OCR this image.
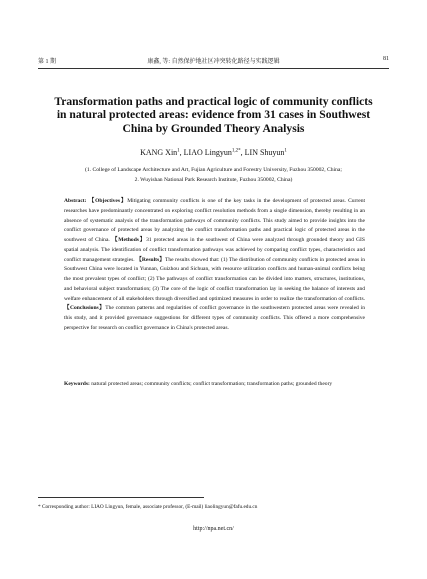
第 1 期	康鑫, 等: 自然保护地社区冲突转化路径与实践逻辑	81
Transformation paths and practical logic of community conflicts in natural protected areas: evidence from 31 cases in Southwest China by Grounded Theory Analysis
KANG Xin$^1$, LIAO Lingyun$^{1,2*}$, LIN Shuyun$^1$
(1. College of Landscape Architecture and Art, Fujian Agriculture and Forestry University, Fuzhou 350002, China;
2. Wuyishan National Park Research Institute, Fuzhou 350002, China)
Abstract: 【Objectives】Mitigating community conflicts is one of the key tasks in the development of protected areas. Current researches have predominantly concentrated on exploring conflict resolution methods from a single dimension, thereby resulting in an absence of systematic analysis of the transformation pathways of community conflicts. This study aimed to provide insights into the conflict governance of protected areas by analyzing the conflict transformation paths and practical logic of protected areas in the southwest of China. 【Methods】31 protected areas in the southwest of China were analyzed through grounded theory and GIS spatial analysis. The identification of conflict transformation pathways was achieved by comparing conflict types, characteristics and conflict management strategies. 【Results】The results showed that: (1) The distribution of community conflicts in protected areas in Southwest China were located in Yunnan, Guizhou and Sichuan, with resource utilization conflicts and human-animal conflicts being the most prevalent types of conflict; (2) The pathways of conflict transformation can be divided into matters, structures, institutions, and behavioral subject transformation; (3) The core of the logic of conflict transformation lay in seeking the balance of interests and welfare enhancement of all stakeholders through diversified and optimized measures in order to realize the transformation of conflicts. 【Conclusions】The common patterns and regularities of conflict governance in the southwestern protected areas were revealed in this study, and it provided governance suggestions for different types of community conflicts. This offered a more comprehensive perspective for research on conflict governance in China's protected areas.
Keywords: natural protected areas; community conflicts; conflict transformation; transformation paths; grounded theory
* Corresponding author: LIAO Lingyun, female, associate professor, (E-mail) liaolingyun@fafu.edu.cn
http://npa.net.cn/
